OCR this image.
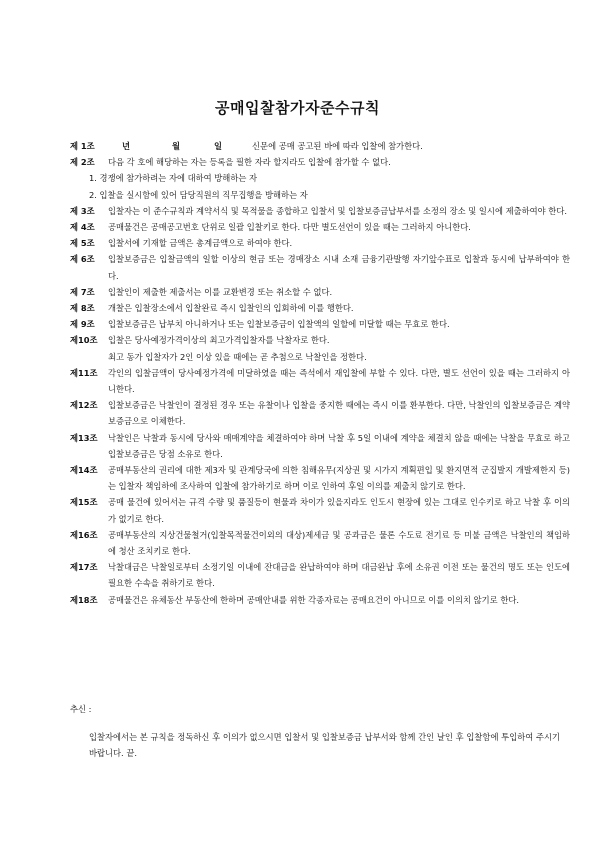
공매입찰참가자준수규칙
제 1조	년	월	일	신문에 공매 공고된 바에 따라 입찰에 참가한다.
제 2조	다음 각 호에 해당하는 자는 등록을 필한 자라 할지라도 입찰에 참가할 수 없다.
1. 경쟁에 참가하려는 자에 대하여 방해하는 자
2. 입찰을 실시함에 있어 담당직원의 직무집행을 방해하는 자
제 3조	입찰자는 이 준수규칙과 계약서식 및 목적물을 종합하고 입찰서 및 입찰보증금납부서를 소정의 장소 및 일시에 제출하여야 한다.
제 4조	공매물건은 공매공고번호 단위로 일괄 입찰키로 한다. 다만 별도선언이 있을 때는 그러하지 아니한다.
제 5조	입찰서에 기재할 금액은 총계금액으로 하여야 한다.
제 6조	입찰보증금은 입찰금액의 일할 이상의 현금 또는 경매장소 시내 소재 금융기관발행 자기앞수표로 입찰과 동시에 납부하여야 한다.
제 7조	입찰인이 제출한 제출서는 이를 교환변경 또는 취소할 수 없다.
제 8조	개찰은 입찰장소에서 입찰완료 즉시 입찰인의 입회하에 이를 행한다.
제 9조	입찰보증금은 납부치 아니하거나 또는 입찰보증금이 입찰액의 일할에 미달할 때는 무효로 한다.
제10조	입찰은 당사예정가격이상의 최고가격입찰자를 낙찰자로 한다.
최고 동가 입찰자가 2인 이상 있을 때에는 곧 추첨으로 낙찰인을 정한다.
제11조	각인의 입찰금액이 당사예정가격에 미달하였을 때는 즉석에서 재입찰에 부할 수 있다. 다만, 별도 선언이 있을 때는 그러하지 아니한다.
제12조	입찰보증금은 낙찰인이 결정된 경우 또는 유찰이나 입찰을 중지한 때에는 즉시 이를 환부한다. 다만, 낙찰인의 입찰보증금은 계약보증금으로 이체한다.
제13조	낙찰인은 낙찰과 동시에 당사와 매매계약을 체결하여야 하며 낙찰 후 5일 이내에 계약을 체결치 않을 때에는 낙찰을 무효로 하고 입찰보증금은 당점 소유로 한다.
제14조	공매부동산의 권리에 대한 제3자 및 관계당국에 의한 침해유무(지상권 및 시가지 계획편입 및 환지면적 군집발지 개발제한지 등)는 입찰자 책임하에 조사하여 입찰에 참가하기로 하며 이로 인하여 후일 이의를 제출치 않기로 한다.
제15조	공매 물건에 있어서는 규격 수량 및 품질등이 현물과 차이가 있을지라도 인도시 현장에 있는 그대로 인수키로 하고 낙찰 후 이의가 없기로 한다.
제16조	공매부동산의 지상건물철거(입찰목적물건이외의 대상)제세금 및 공과금은 물론 수도료 전기료 등 미불 금액은 낙찰인의 책임하에 청산 조치키로 한다.
제17조	낙찰대금은 낙찰일로부터 소정기일 이내에 잔대금을 완납하여야 하며 대금완납 후에 소유권 이전 또는 물건의 명도 또는 인도에 필요한 수속을 취하기로 한다.
제18조	공매물건은 유체동산 부동산에 한하며 공매안내를 위한 각종자료는 공매요건이 아니므로 이를 이의치 않기로 한다.
추신 :
입찰자에서는 본 규칙을 정독하신 후 이의가 없으시면 입찰서 및 입찰보증금 납부서와 함께 간인 날인 후 입찰함에 투입하여 주시기 바랍니다. 끝.
